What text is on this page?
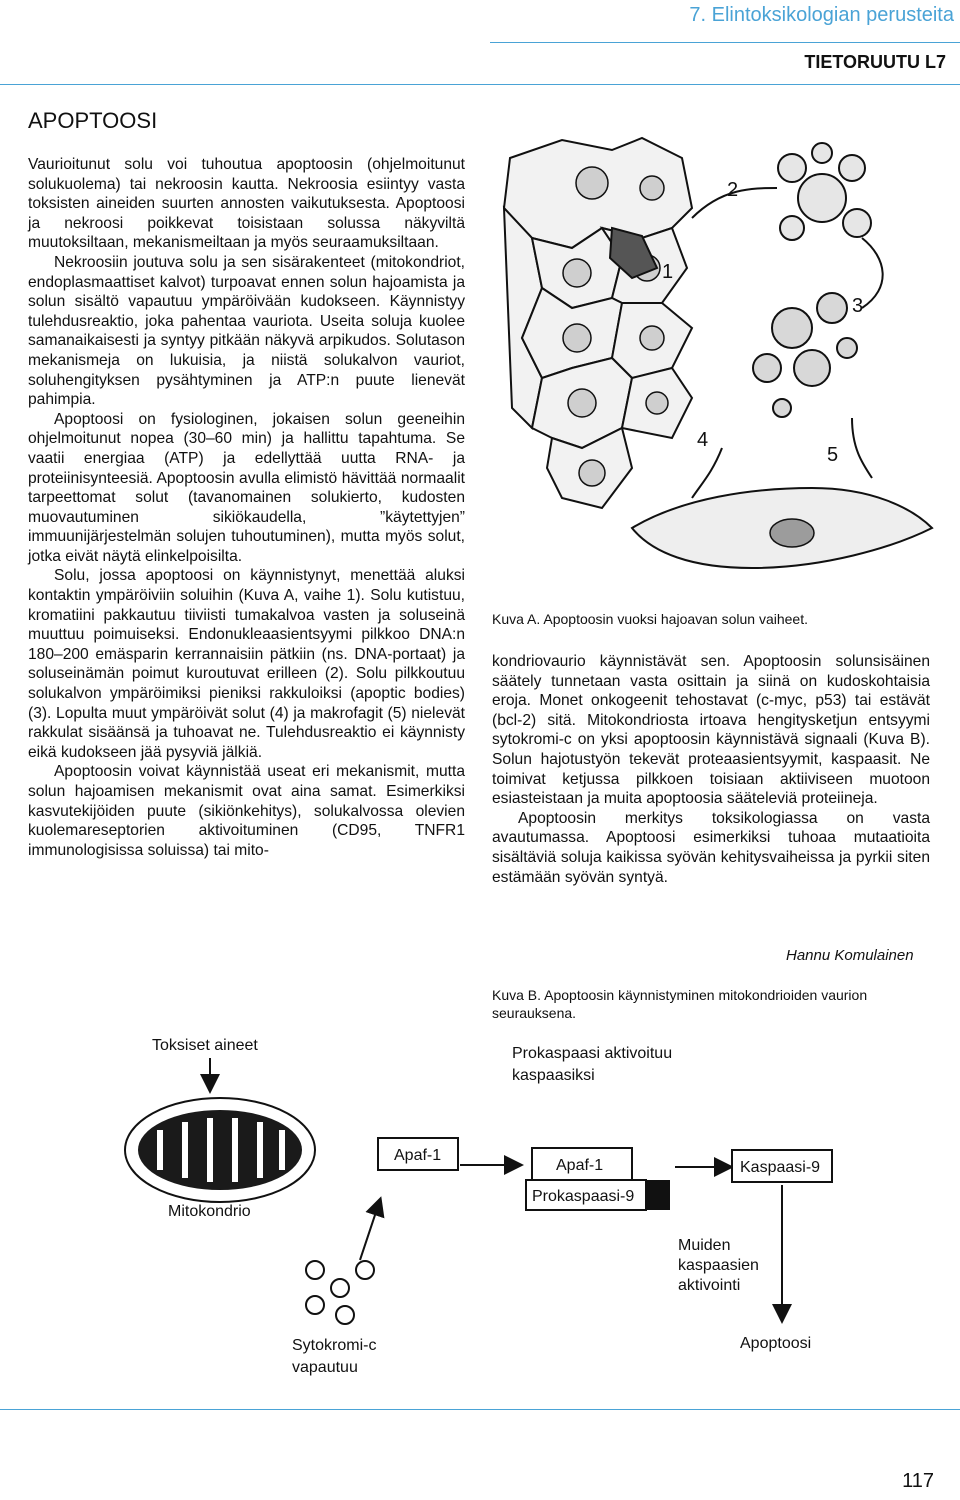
7. Elintoksikologian perusteita
TIETORUUTU L7
APOPTOOSI

Vaurioitunut solu voi tuhoutua apoptoosin (ohjelmoitunut solukuolema) tai nekroosin kautta. Nekroosia esiintyy vasta toksisten aineiden suurten annosten vaikutuksesta. Apoptoosi ja nekroosi poikkevat toisistaan solussa näkyviltä muutoksiltaan, mekanismeiltaan ja myös seuraamuksiltaan.

Nekroosiin joutuva solu ja sen sisärakenteet (mitokondriot, endoplasmaattiset kalvot) turpoavat ennen solun hajoamista ja solun sisältö vapautuu ympäröivään kudokseen. Käynnistyy tulehdusreaktio, joka pahentaa vauriota. Useita soluja kuolee samanaikaisesti ja syntyy pitkään näkyvä arpikudos. Solutason mekanismeja on lukuisia, ja niistä solukalvon vauriot, soluhengityksen pysähtyminen ja ATP:n puute lienevät pahimpia.

Apoptoosi on fysiologinen, jokaisen solun geeneihin ohjelmoitunut nopea (30–60 min) ja hallittu tapahtuma. Se vaatii energiaa (ATP) ja edellyttää uutta RNA- ja proteiinisynteesiä. Apoptoosin avulla elimistö hävittää normaalit tarpeettomat solut (tavanomainen solukierto, kudosten muovautuminen sikiökaudella, ”käytettyjen” immuunijärjestelmän solujen tuhoutuminen), mutta myös solut, jotka eivät näytä elinkelpoisilta.

Solu, jossa apoptoosi on käynnistynyt, menettää aluksi kontaktin ympäröiviin soluihin (Kuva A, vaihe 1). Solu kutistuu, kromatiini pakkautuu tiiviisti tumakalvoa vasten ja soluseinä muuttuu poimuiseksi. Endonukleaasientsyymi pilkkoo DNA:n 180–200 emäsparin kerrannaisiin pätkiin (ns. DNA-portaat) ja soluseinämän poimut kuroutuvat erilleen (2). Solu pilkkoutuu solukalvon ympäröimiksi pieniksi rakkuloiksi (apoptic bodies) (3). Lopulta muut ympäröivät solut (4) ja makrofagit (5) nielevät rakkulat sisäänsä ja tuhoavat ne. Tulehdusreaktio ei käynnisty eikä kudokseen jää pysyviä jälkiä.

Apoptoosin voivat käynnistää useat eri mekanismit, mutta solun hajoamisen mekanismit ovat aina samat. Esimerkiksi kasvutekijöiden puute (sikiönkehitys), solukalvossa olevien kuolemareseptorien aktivoituminen (CD95, TNFR1 immunologisissa soluissa) tai mito-

1
2
3
4
5
Kuva A. Apoptoosin vuoksi hajoavan solun vaiheet.

kondriovaurio käynnistävät sen. Apoptoosin solunsisäinen säätely tunnetaan vasta osittain ja siinä on kudoskohtaisia eroja. Monet onkogeenit tehostavat (c-myc, p53) tai estävät (bcl-2) sitä. Mitokondriosta irtoava hengitysketjun entsyymi sytokromi-c on yksi apoptoosin käynnistävä signaali (Kuva B). Solun hajotustyön tekevät proteaasientsyymit, kaspaasit. Ne toimivat ketjussa pilkkoen toisiaan aktiiviseen muotoon esiasteistaan ja muita apoptoosia sääteleviä proteiineja.

Apoptoosin merkitys toksikologiassa on vasta avautumassa. Apoptoosi esimerkiksi tuhoaa mutaatioita sisältäviä soluja kaikissa syövän kehitysvaiheissa ja pyrkii siten estämään syövän syntyä.

Hannu Komulainen
Kuva B. Apoptoosin käynnistyminen mitokondrioiden vaurion seurauksena.
Toksiset aineet
Mitokondrio
Sytokromi-c
vapautuu
Apaf-1
Apaf-1
Prokaspaasi-9
Prokaspaasi aktivoituu
kaspaasiksi
Kaspaasi-9
Muiden
kaspaasien
aktivointi
Apoptoosi
117
